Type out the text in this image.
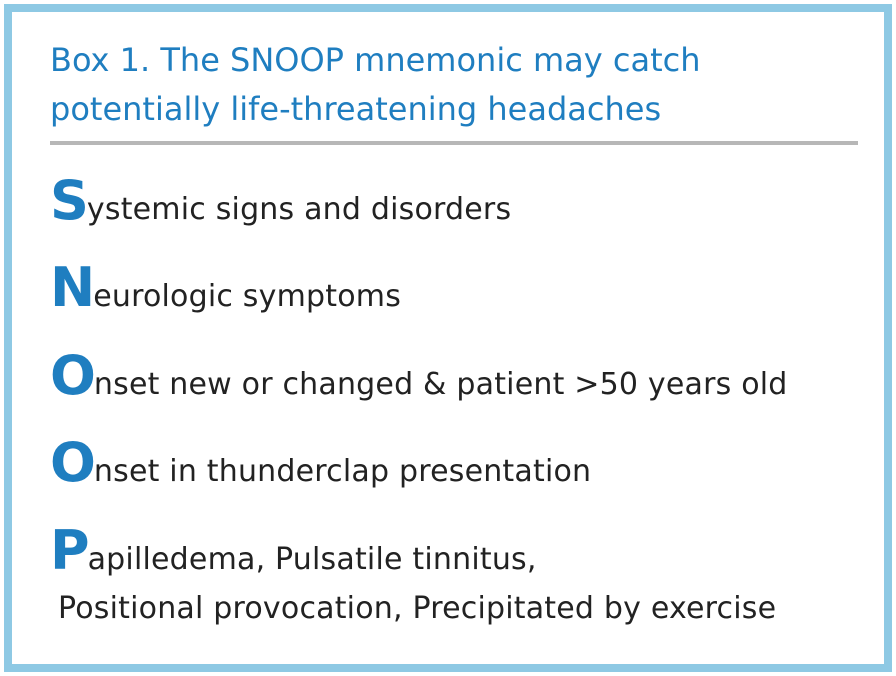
Box 1. The SNOOP mnemonic may catch
potentially life-threatening headaches
Systemic signs and disorders
Neurologic symptoms
Onset new or changed & patient >50 years old
Onset in thunderclap presentation
Papilledema, Pulsatile tinnitus,
Positional provocation, Precipitated by exercise
